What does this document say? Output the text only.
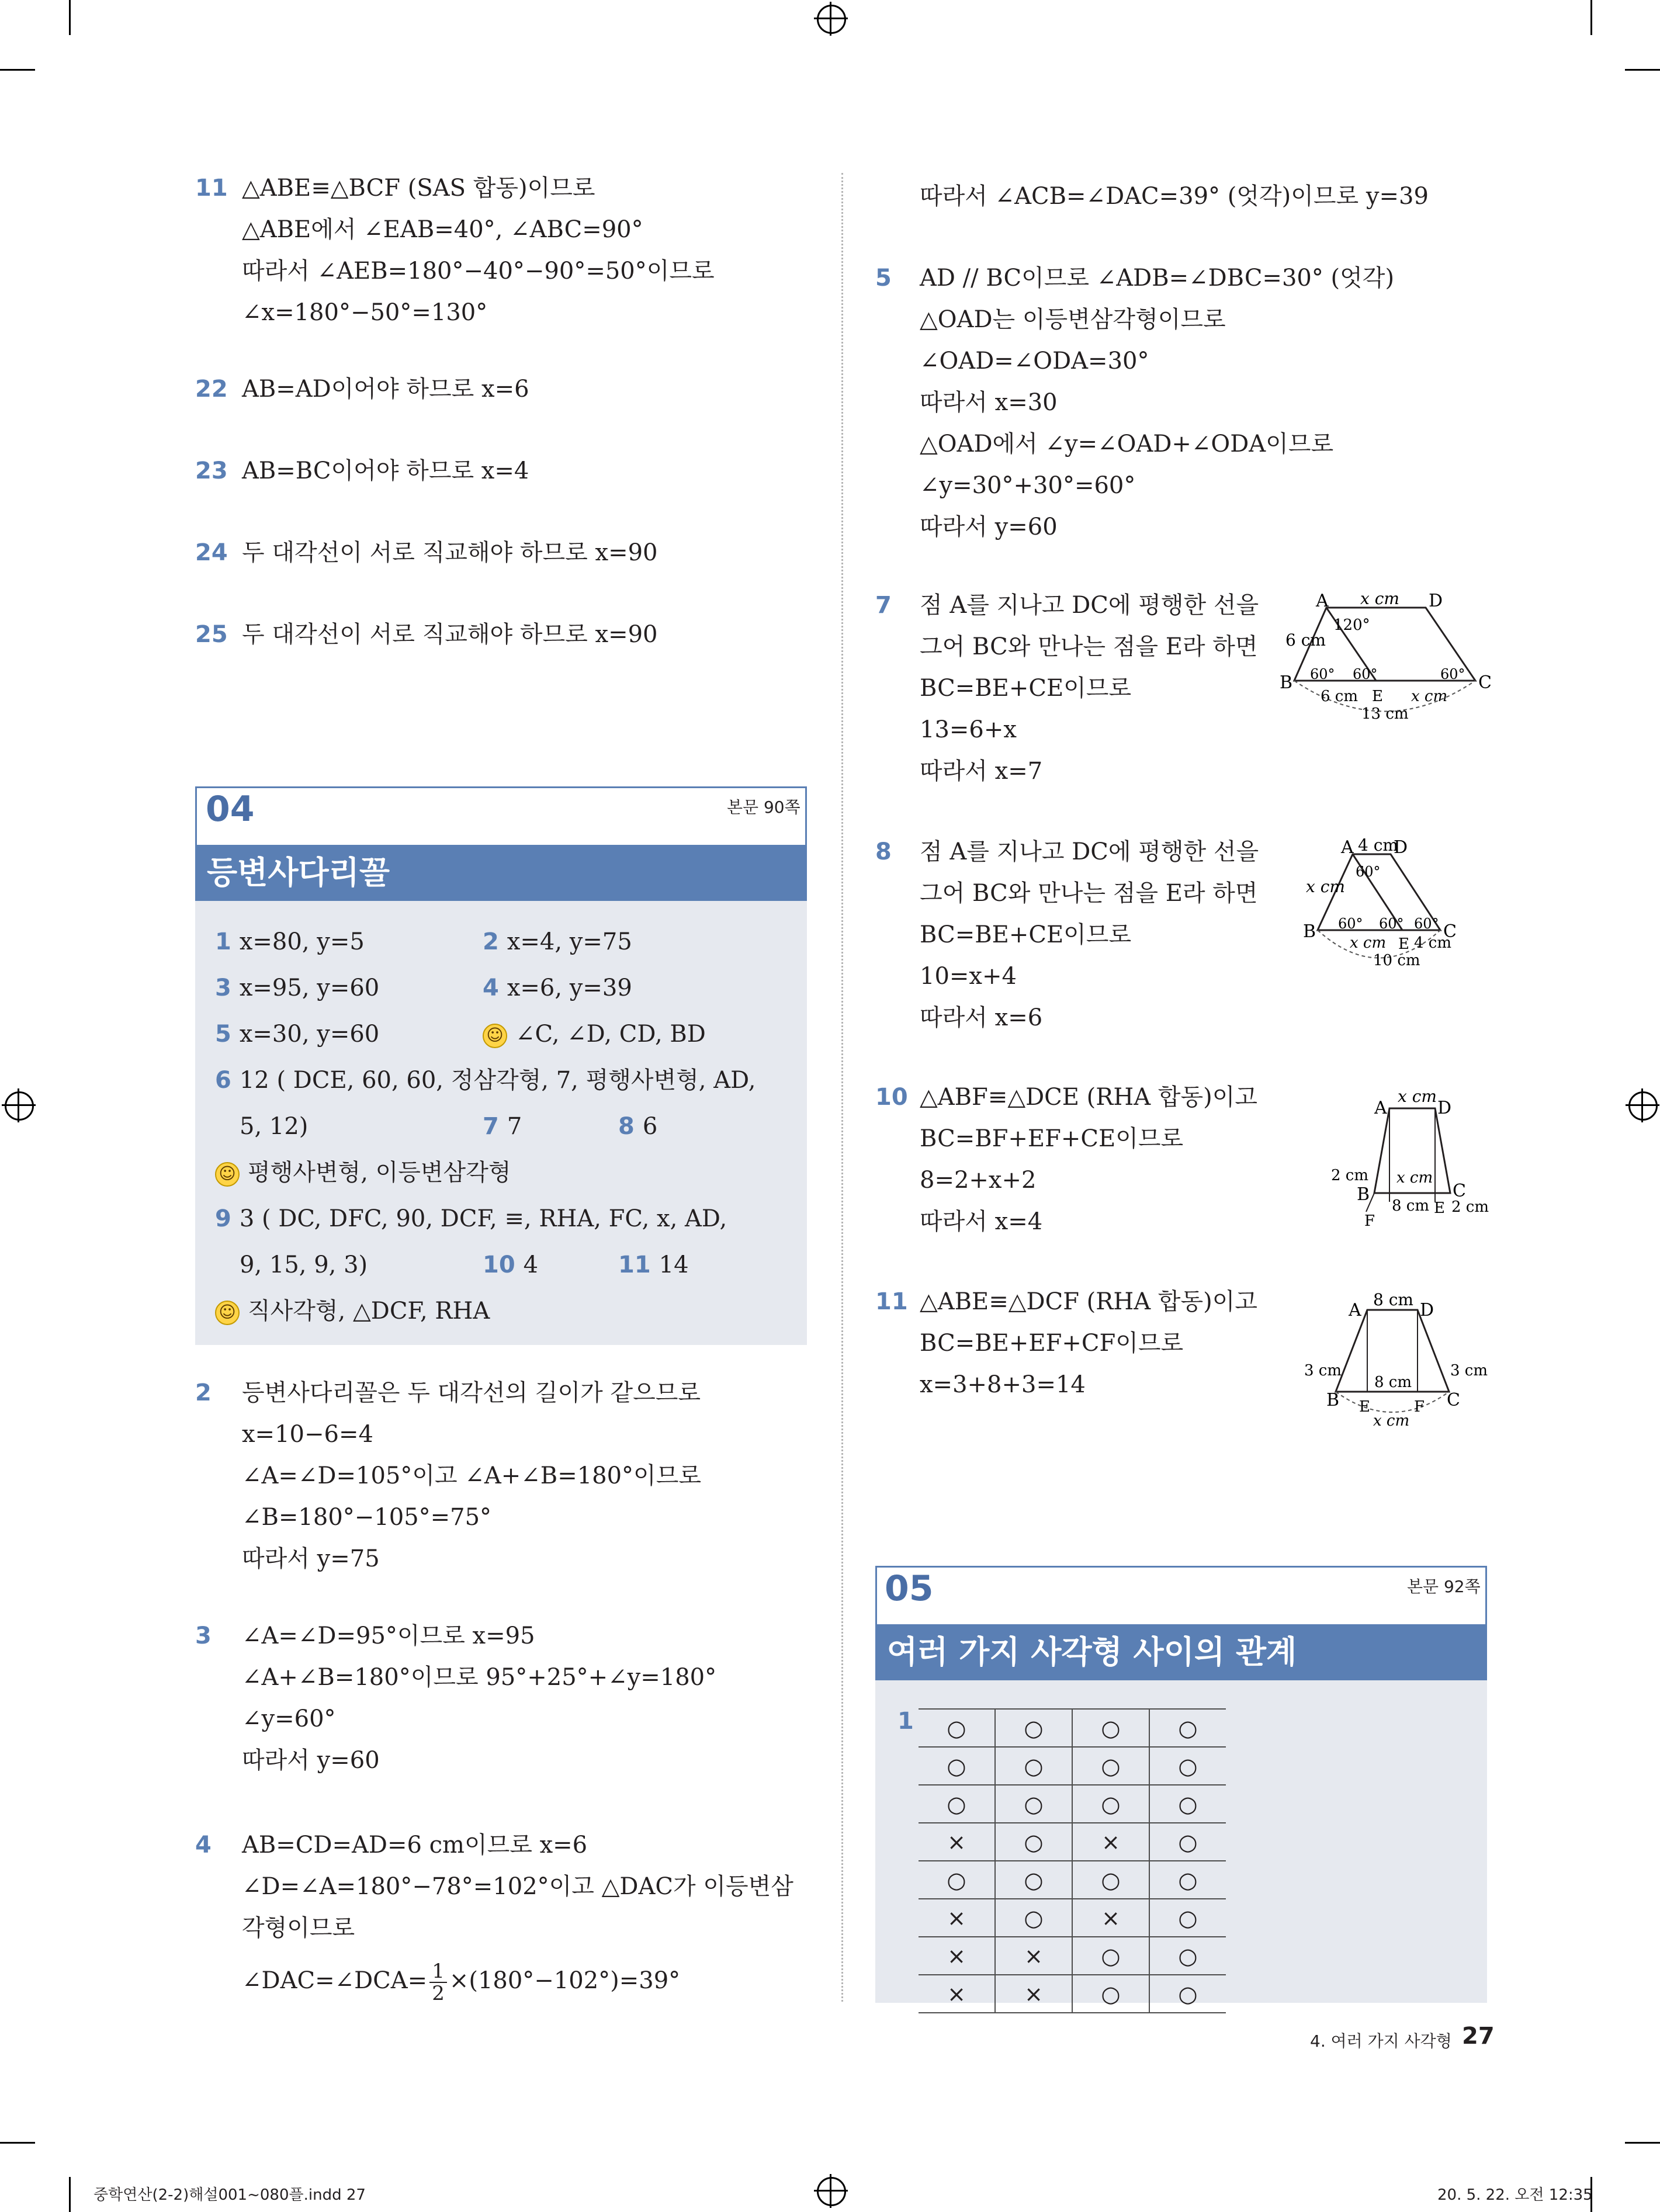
11 △ABE≡△BCF (SAS 합동)이므로
△ABE에서 ∠EAB=40°, ∠ABC=90°
따라서 ∠AEB=180°−40°−90°=50°이므로
∠x=180°−50°=130°
22 AB=AD이어야 하므로 x=6
23 AB=BC이어야 하므로 x=4
24 두 대각선이 서로 직교해야 하므로 x=90
25 두 대각선이 서로 직교해야 하므로 x=90
04	본문 90쪽
등변사다리꼴
1 x=80, y=5	2 x=4, y=75
3 x=95, y=60	4 x=6, y=39
5 x=30, y=60	☺ ∠C, ∠D, CD, BD
6 12 ( DCE, 60, 60, 정삼각형, 7, 평행사변형, AD,
5, 12)	7 7	8 6
☺ 평행사변형, 이등변삼각형
9 3 ( DC, DFC, 90, DCF, ≡, RHA, FC, x, AD,
9, 15, 9, 3)	10 4	11 14
☺ 직사각형, △DCF, RHA
2 등변사다리꼴은 두 대각선의 길이가 같으므로
x=10−6=4
∠A=∠D=105°이고 ∠A+∠B=180°이므로
∠B=180°−105°=75°
따라서 y=75
3 ∠A=∠D=95°이므로 x=95
∠A+∠B=180°이므로 95°+25°+∠y=180°
∠y=60°
따라서 y=60
4 AB=CD=AD=6 cm이므로 x=6
∠D=∠A=180°−78°=102°이고 △DAC가 이등변삼
각형이므로
∠DAC=∠DCA= $\frac{1}{2} \times(180^\circ-102^\circ)=39^\circ$
따라서 ∠ACB=∠DAC=39° (엇각)이므로 y=39
5 AD // BC이므로 ∠ADB=∠DBC=30° (엇각)
△OAD는 이등변삼각형이므로
∠OAD=∠ODA=30°
따라서 x=30
△OAD에서 ∠y=∠OAD+∠ODA이므로
∠y=30°+30°=60°
따라서 y=60
7 점 A를 지나고 DC에 평행한 선을
그어 BC와 만나는 점을 E라 하면
BC=BE+CE이므로
13=6+x
따라서 x=7
8 점 A를 지나고 DC에 평행한 선을
그어 BC와 만나는 점을 E라 하면
BC=BE+CE이므로
10=x+4
따라서 x=6
10 △ABF≡△DCE (RHA 합동)이고
BC=BF+EF+CE이므로
8=2+x+2
따라서 x=4
11 △ABE≡△DCF (RHA 합동)이고
BC=BE+EF+CF이므로
x=3+8+3=14
A	D
B	C
E
x cm
120°
6 cm
60° 60°	60°
6 cm	x cm
13 cm
A D
B	C
E
4 cm
60°
x cm
60° 60° 60°
x cm 4 cm
10 cm
A	D
B	C
E
F
x cm
2 cm x cm
8 cm 2 cm
A	D
B	C
E	F
8 cm
3 cm
8 cm
3 cm
x cm
05	본문 92쪽
여러 가지 사각형 사이의 관계
1 ○	○	○	○
○	○	○	○
○	○	○	○
×	○	×	○
○	○	○	○
×	○	×	○
×	×	○	○
×	×	○	○
4. 여러 가지 사각형 27
중학연산(2-2)해설001~080플.indd 27	20. 5. 22. 오전 12:35
